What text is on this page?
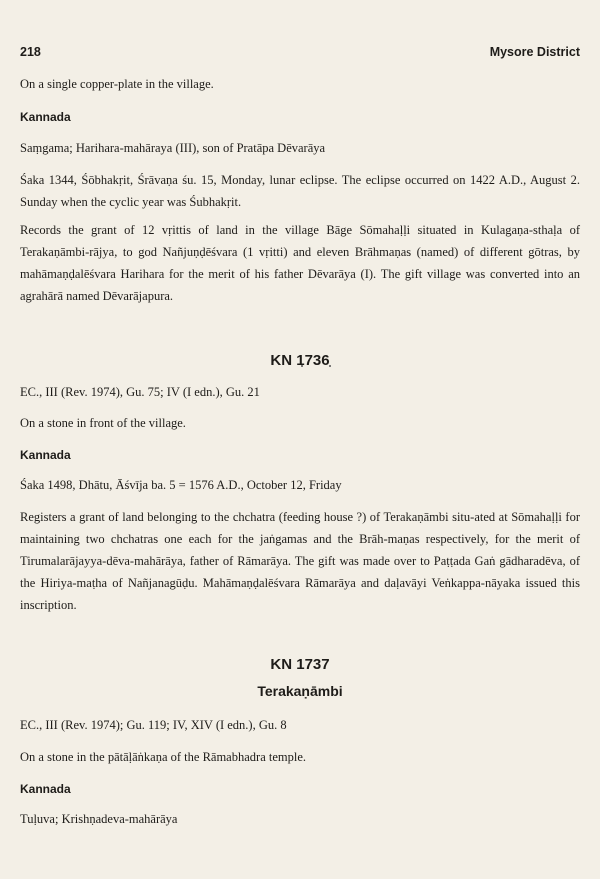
218	Mysore District

On a single copper-plate in the village.

Kannada

Saṃgama; Harihara-mahāraya (III), son of Pratāpa Dēvarāya

Śaka 1344, Śōbhakṛit, Śrāvaṇa śu. 15, Monday, lunar eclipse. The eclipse occurred on 1422 A.D., August 2. Sunday when the cyclic year was Śubhakṛit.

Records the grant of 12 vṛittis of land in the village Bāge Sōmahaḷḷi situated in Kulagaṇa-sthaḷa of Terakaṇāmbi-rājya, to god Nañjuṇḍēśvara (1 vṛitti) and eleven Brāhmaṇas (named) of different gōtras, by mahāmaṇḍalēśvara Harihara for the merit of his father Dēvarāya (I). The gift village was converted into an agrahārā named Dēvarājapura.

KN 1736

EC., III (Rev. 1974), Gu. 75; IV (I edn.), Gu. 21

On a stone in front of the village.

Kannada

Śaka 1498, Dhātu, Āśvīja ba. 5 = 1576 A.D., October 12, Friday

Registers a grant of land belonging to the chchatra (feeding house ?) of Terakaṇāmbi situ-ated at Sōmahaḷḷi for maintaining two chchatras one each for the jaṅgamas and the Brāh-maṇas respectively, for the merit of Tirumalarājayya-dēva-mahārāya, father of Rāmarāya. The gift was made over to Paṭṭada Gaṅ gādharadēva, of the Hiriya-maṭha of Nañjanagūḍu. Mahāmaṇḍalēśvara Rāmarāya and daḷavāyi Veṅkappa-nāyaka issued this inscription.

KN 1737
Terakaṇāmbi

EC., III (Rev. 1974); Gu. 119; IV, XIV (I edn.), Gu. 8

On a stone in the pātāḷāṅkaṇa of the Rāmabhadra temple.

Kannada

Tuḷuva; Krishṇadeva-mahārāya
